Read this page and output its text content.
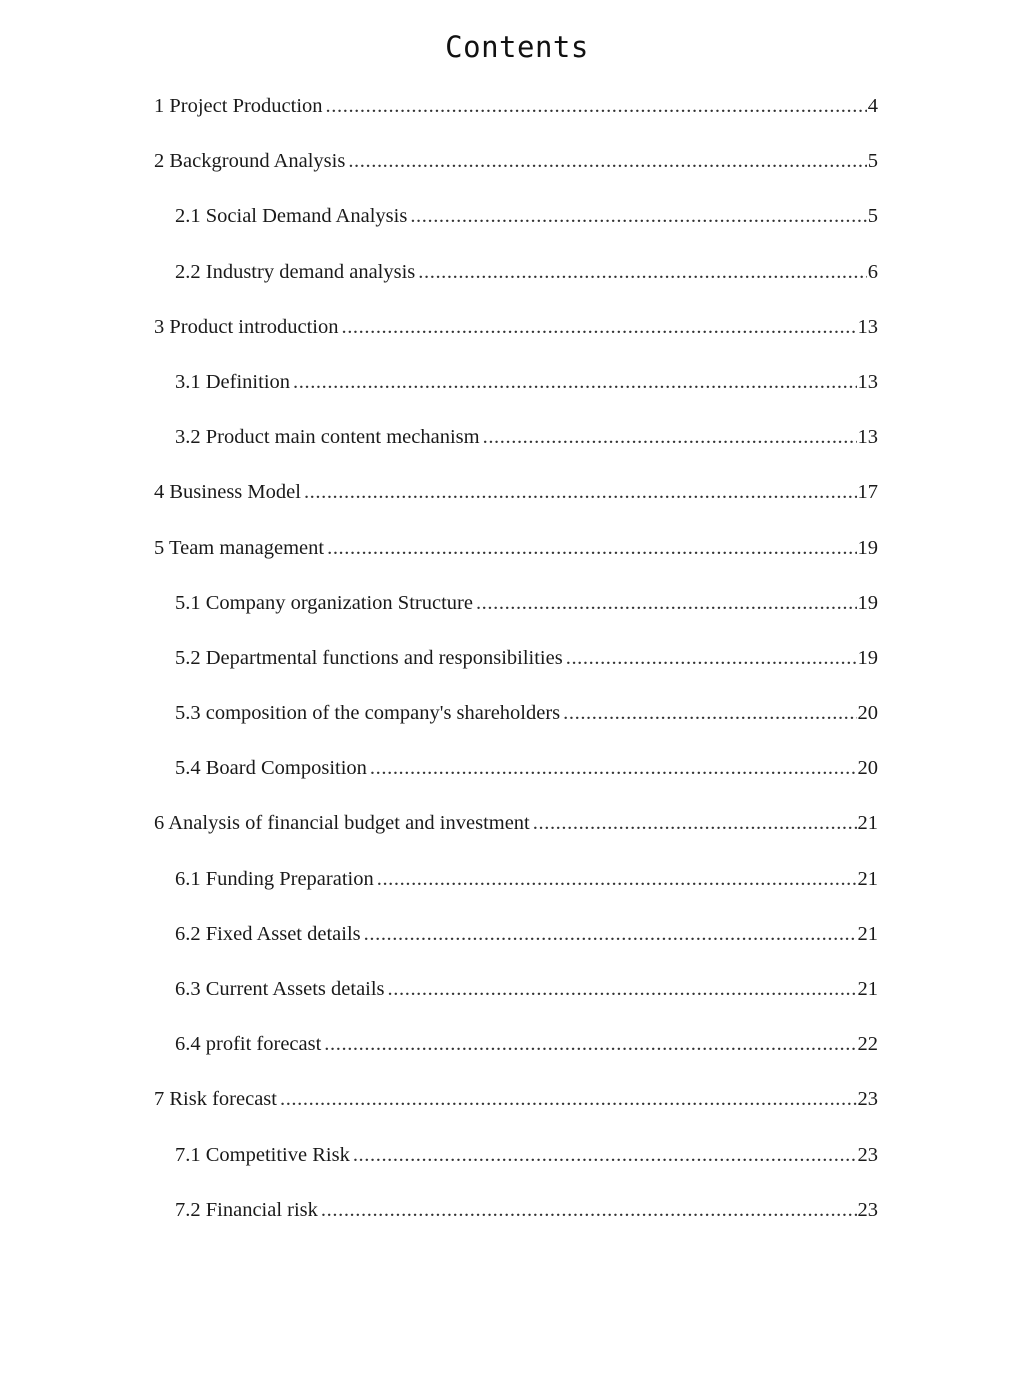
Contents
1 Project Production .....	4
2 Background Analysis .....	5
2.1 Social Demand Analysis .....	5
2.2 Industry demand analysis .....	6
3 Product introduction .....	13
3.1 Definition .....	13
3.2 Product main content mechanism .....	13
4 Business Model .....	17
5 Team management .....	19
5.1 Company organization Structure .....	19
5.2 Departmental functions and responsibilities .....	19
5.3 composition of the company's shareholders .....	20
5.4 Board Composition .....	20
6 Analysis of financial budget and investment .....	21
6.1 Funding Preparation .....	21
6.2 Fixed Asset details .....	21
6.3 Current Assets details .....	21
6.4 profit forecast .....	22
7 Risk forecast .....	23
7.1 Competitive Risk .....	23
7.2 Financial risk .....	23
